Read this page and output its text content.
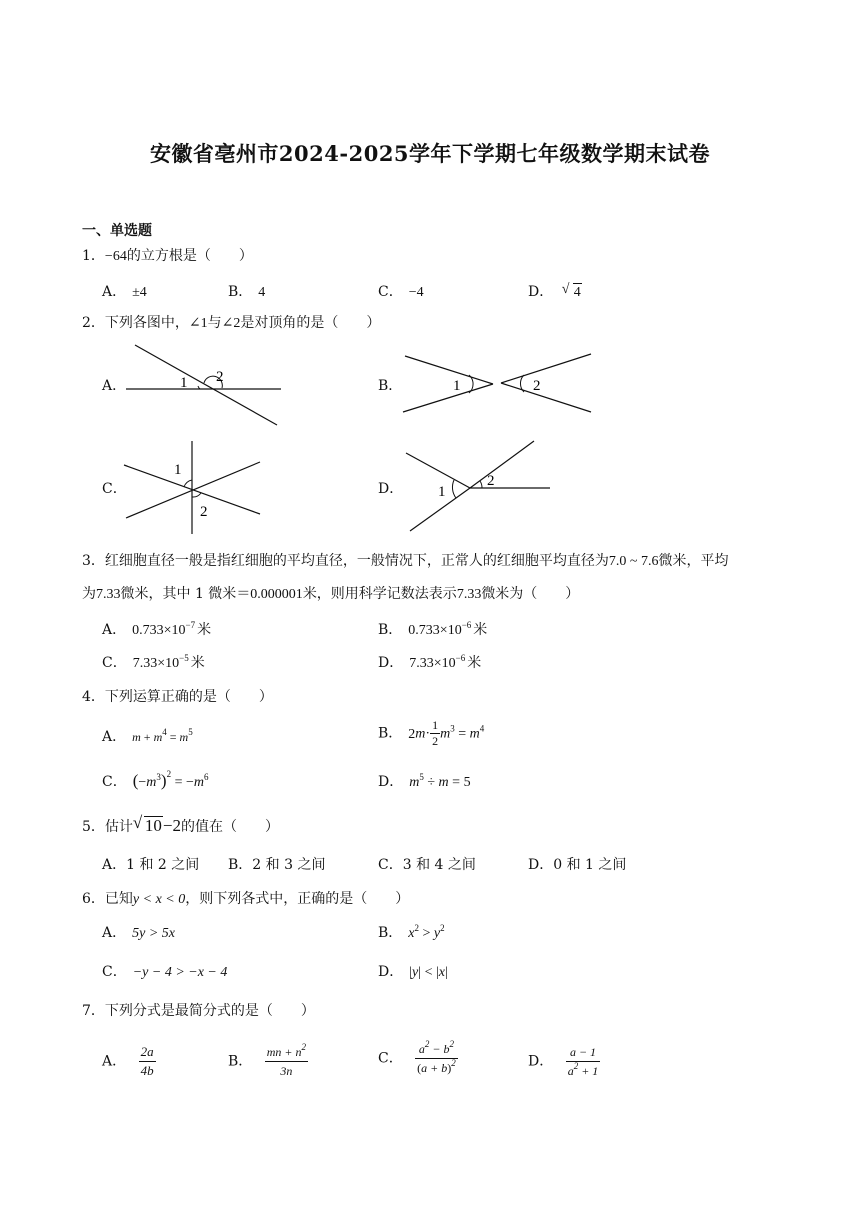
安徽省亳州市2024-2025学年下学期七年级数学期末试卷
一、单选题
1．−64的立方根是（　　）
A． ±4	B． 4	C． −4	D． √ 4
2．下列各图中，∠1与∠2是对顶角的是（　　）
A．	1 2
B．	1	2
C．
1
2
D． 1
2
3．红细胞直径一般是指红细胞的平均直径，一般情况下，正常人的红细胞平均直径为7.0 ~ 7.6微米，平均
为7.33微米，其中 1 微米＝0.000001米，则用科学记数法表示7.33微米为（　　）
A． $0.733\times 10^{-7}$ 米	B． $0.733\times 10^{-6}$ 米
C． $7.33\times 10^{-5}$ 米	D． $7.33\times 10^{-6}$ 米
4．下列运算正确的是（　　）
A． $m + m^4 = m^5$	B． $2m\cdot \frac{1}{2} m^3 = m^4$
C． $(-m^3)^2 = -m^6$	D． $m^5 \div m = 5$
5．估计 √ 10−2的值在（　　）
A．1 和 2 之间 B．2 和 3 之间	C．3 和 4 之间	D．0 和 1 之间
6．已知y < x < 0，则下列各式中，正确的是（　　）
A． 5y > 5x	B． $x^2 > y^2$
C． −y − 4 > −x − 4	D． |y| < |x|
7．下列分式是最简分式的是（　　）
A． $\frac{2a}{4b}$	B． $\frac{mn + n^2}{3n}$	C． $\frac{a^2 - b^2}{(a + b)^2}$	D． $\frac{a - 1}{a^2 + 1}$
